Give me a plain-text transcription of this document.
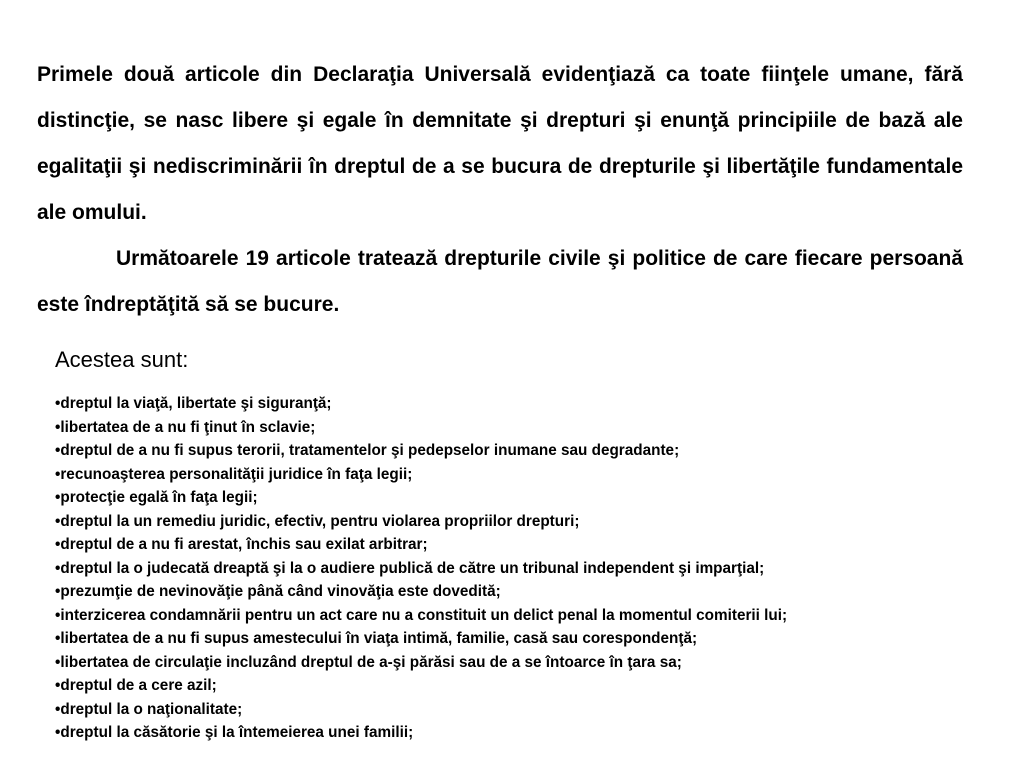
Primele două articole din Declaraţia Universală evidenţiază ca toate fiinţele umane, fără distincţie, se nasc libere şi egale în demnitate şi drepturi şi enunţă principiile de bază ale egalitaţii şi nediscriminării în dreptul de a se bucura de drepturile şi libertăţile fundamentale ale omului.

Următoarele 19 articole tratează drepturile civile şi politice de care fiecare persoană este îndreptăţită să se bucure.

Acestea sunt:
•dreptul la viaţă, libertate şi siguranţă;
•libertatea de a nu fi ţinut în sclavie;
•dreptul de a nu fi supus terorii, tratamentelor şi pedepselor inumane sau degradante;
•recunoaşterea personalităţii juridice în faţa legii;
•protecţie egală în faţa legii;
•dreptul la un remediu juridic, efectiv, pentru violarea propriilor drepturi;
•dreptul de a nu fi arestat, închis sau exilat arbitrar;
•dreptul la o judecată dreaptă şi la o audiere publică de către un tribunal independent şi imparţial;
•prezumţie de nevinovăţie până când vinovăţia este dovedită;
•interzicerea condamnării pentru un act care nu a constituit un delict penal la momentul comiterii lui;
•libertatea de a nu fi supus amestecului în viaţa intimă, familie, casă sau corespondenţă;
•libertatea de circulaţie incluzând dreptul de a-şi părăsi sau de a se întoarce în ţara sa;
•dreptul de a cere azil;
•dreptul la o naţionalitate;
•dreptul la căsătorie şi la întemeierea unei familii;
